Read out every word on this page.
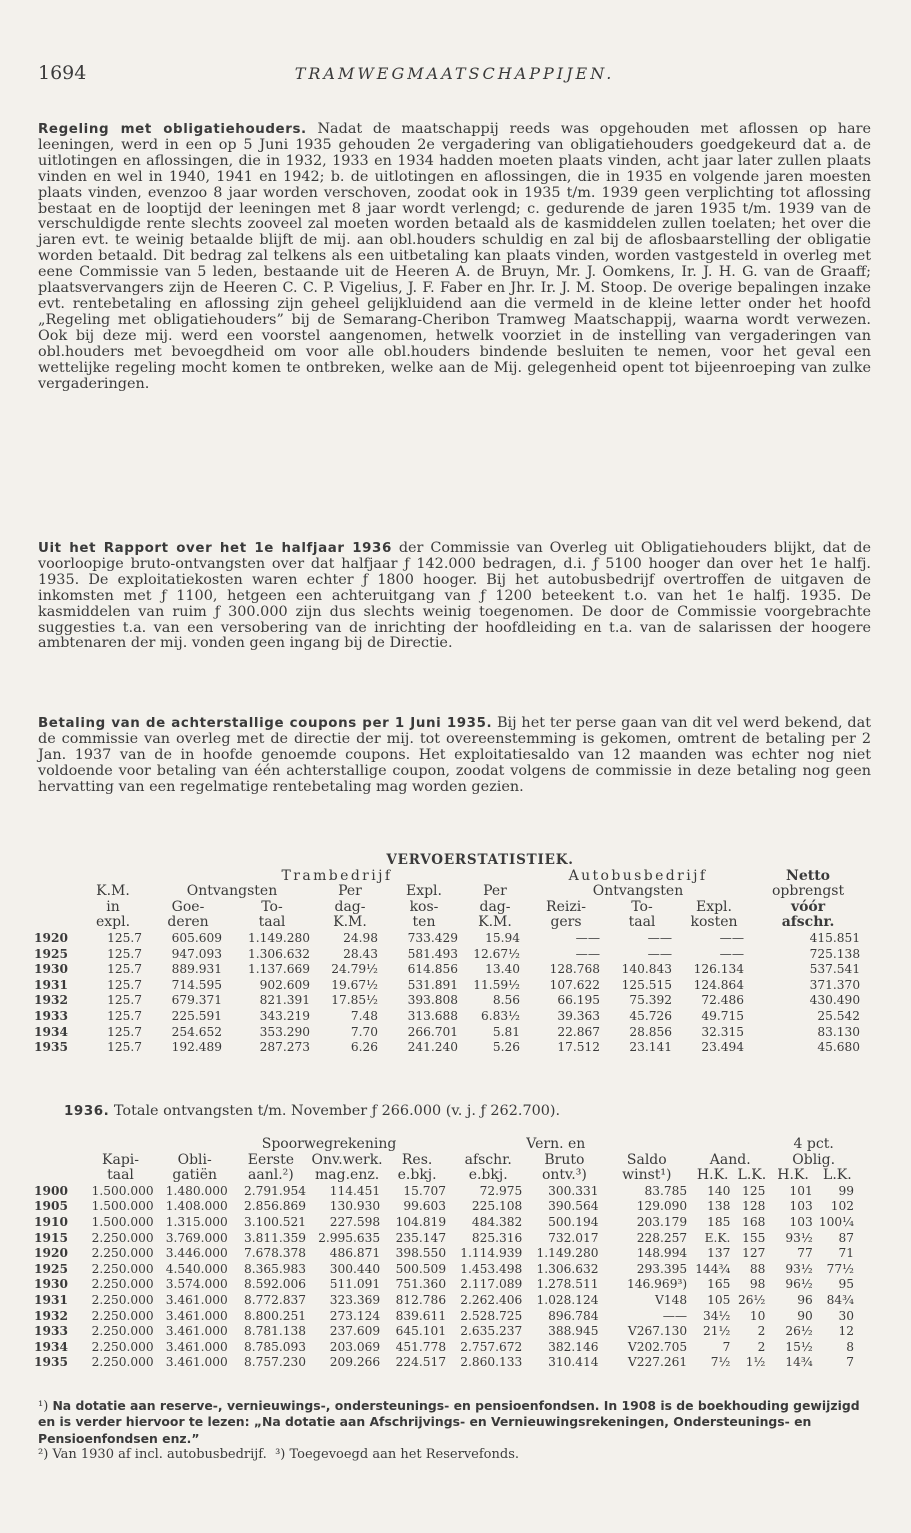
1694	TRAMWEGMAATSCHAPPIJEN.
Regeling met obligatiehouders. Nadat de maatschappij reeds was opgehouden met aflossen op hare leeningen, werd in een op 5 Juni 1935 gehouden 2e vergadering van obligatiehouders goedgekeurd dat a. de uitlotingen en aflossingen, die in 1932, 1933 en 1934 hadden moeten plaats vinden, acht jaar later zullen plaats vinden en wel in 1940, 1941 en 1942; b. de uitlotingen en aflossingen, die in 1935 en volgende jaren moesten plaats vinden, evenzoo 8 jaar worden verschoven, zoodat ook in 1935 t/m. 1939 geen verplichting tot aflossing bestaat en de looptijd der leeningen met 8 jaar wordt verlengd; c. gedurende de jaren 1935 t/m. 1939 van de verschuldigde rente slechts zooveel zal moeten worden betaald als de kasmiddelen zullen toelaten; het over die jaren evt. te weinig betaalde blijft de mij. aan obl.houders schuldig en zal bij de aflosbaarstelling der obligatie worden betaald. Dit bedrag zal telkens als een uitbetaling kan plaats vinden, worden vastgesteld in overleg met eene Commissie van 5 leden, bestaande uit de Heeren A. de Bruyn, Mr. J. Oomkens, Ir. J. H. G. van de Graaff; plaatsvervangers zijn de Heeren C. C. P. Vigelius, J. F. Faber en Jhr. Ir. J. M. Stoop. De overige bepalingen inzake evt. rentebetaling en aflossing zijn geheel gelijkluidend aan die vermeld in de kleine letter onder het hoofd „Regeling met obligatiehouders” bij de Semarang-Cheribon Tramweg Maatschappij, waarna wordt verwezen. Ook bij deze mij. werd een voorstel aangenomen, hetwelk voorziet in de instelling van vergaderingen van obl.houders met bevoegdheid om voor alle obl.houders bindende besluiten te nemen, voor het geval een wettelijke regeling mocht komen te ontbreken, welke aan de Mij. gelegenheid opent tot bijeenroeping van zulke vergaderingen.
Uit het Rapport over het 1e halfjaar 1936 der Commissie van Overleg uit Obligatiehouders blijkt, dat de voorloopige bruto-ontvangsten over dat halfjaar ƒ 142.000 bedragen, d.i. ƒ 5100 hooger dan over het 1e halfj. 1935. De exploitatiekosten waren echter ƒ 1800 hooger. Bij het autobusbedrijf overtroffen de uitgaven de inkomsten met ƒ 1100, hetgeen een achteruitgang van ƒ 1200 beteekent t.o. van het 1e halfj. 1935. De kasmiddelen van ruim ƒ 300.000 zijn dus slechts weinig toegenomen. De door de Commissie voorgebrachte suggesties t.a. van een versobering van de inrichting der hoofdleiding en t.a. van de salarissen der hoogere ambtenaren der mij. vonden geen ingang bij de Directie.
Betaling van de achterstallige coupons per 1 Juni 1935. Bij het ter perse gaan van dit vel werd bekend, dat de commissie van overleg met de directie der mij. tot overeenstemming is gekomen, omtrent de betaling per 2 Jan. 1937 van de in hoofde genoemde coupons. Het exploitatiesaldo van 12 maanden was echter nog niet voldoende voor betaling van één achterstallige coupon, zoodat volgens de commissie in deze betaling nog geen hervatting van een regelmatige rentebetaling mag worden gezien.
VERVOERSTATISTIEK.										
		Trambedrijf					Autobusbedrijf			Netto
	K.M.	Ontvangsten		Per	Expl.	Per	Ontvangsten			opbrengst
	in	Goe-	To-	dag-	kos-	dag-	Reizi-	To-	Expl.	vóór
	expl.	deren	taal	K.M.	ten	K.M.	gers	taal	kosten	afschr.
1920	125.7	605.609	1.149.280	24.98	733.429	15.94	——	——	——	415.851
1925	125.7	947.093	1.306.632	28.43	581.493	12.67½	——	——	——	725.138
1930	125.7	889.931	1.137.669	24.79½	614.856	13.40	128.768	140.843	126.134	537.541
1931	125.7	714.595	902.609	19.67½	531.891	11.59½	107.622	125.515	124.864	371.370
1932	125.7	679.371	821.391	17.85½	393.808	8.56	66.195	75.392	72.486	430.490
1933	125.7	225.591	343.219	7.48	313.688	6.83½	39.363	45.726	49.715	25.542
1934	125.7	254.652	353.290	7.70	266.701	5.81	22.867	28.856	32.315	83.130
1935	125.7	192.489	287.273	6.26	241.240	5.26	17.512	23.141	23.494	45.680
1936. Totale ontvangsten t/m. November ƒ 266.000 (v. j. ƒ 262.700).
			Spoorwegrekening				Vern. en				4 pct.	
	Kapi-	Obli-	Eerste	Onv.werk.	Res.	afschr.	Bruto	Saldo	Aand.		Oblig.	
	taal	gatiën	aanl.²)	mag.enz.	e.bkj.	e.bkj.	ontv.³)	winst¹)	H.K.	L.K.	H.K.	L.K.
1900	1.500.000	1.480.000	2.791.954	114.451	15.707	72.975	300.331	83.785	140	125	101	99
1905	1.500.000	1.408.000	2.856.869	130.930	99.603	225.108	390.564	129.090	138	128	103	102
1910	1.500.000	1.315.000	3.100.521	227.598	104.819	484.382	500.194	203.179	185	168	103	100¼
1915	2.250.000	3.769.000	3.811.359	2.995.635	235.147	825.316	732.017	228.257	E.K.	155	93½	87
1920	2.250.000	3.446.000	7.678.378	486.871	398.550	1.114.939	1.149.280	148.994	137	127	77	71
1925	2.250.000	4.540.000	8.365.983	300.440	500.509	1.453.498	1.306.632	293.395	144¾	88	93½	77½
1930	2.250.000	3.574.000	8.592.006	511.091	751.360	2.117.089	1.278.511	146.969³)	165	98	96½	95
1931	2.250.000	3.461.000	8.772.837	323.369	812.786	2.262.406	1.028.124	V148	105	26½	96	84¾
1932	2.250.000	3.461.000	8.800.251	273.124	839.611	2.528.725	896.784	——	34½	10	90	30
1933	2.250.000	3.461.000	8.781.138	237.609	645.101	2.635.237	388.945	V267.130	21½	2	26½	12
1934	2.250.000	3.461.000	8.785.093	203.069	451.778	2.757.672	382.146	V202.705	7	2	15½	8
1935	2.250.000	3.461.000	8.757.230	209.266	224.517	2.860.133	310.414	V227.261	7½	1½	14¾	7
¹) Na dotatie aan reserve-, vernieuwings-, ondersteunings- en pensioenfondsen. In 1908 is de boekhouding gewijzigd en is verder hiervoor te lezen: „Na dotatie aan Afschrijvings- en Vernieuwingsrekeningen, Ondersteunings- en Pensioenfondsen enz.”
²) Van 1930 af incl. autobusbedrijf. ³) Toegevoegd aan het Reservefonds.
